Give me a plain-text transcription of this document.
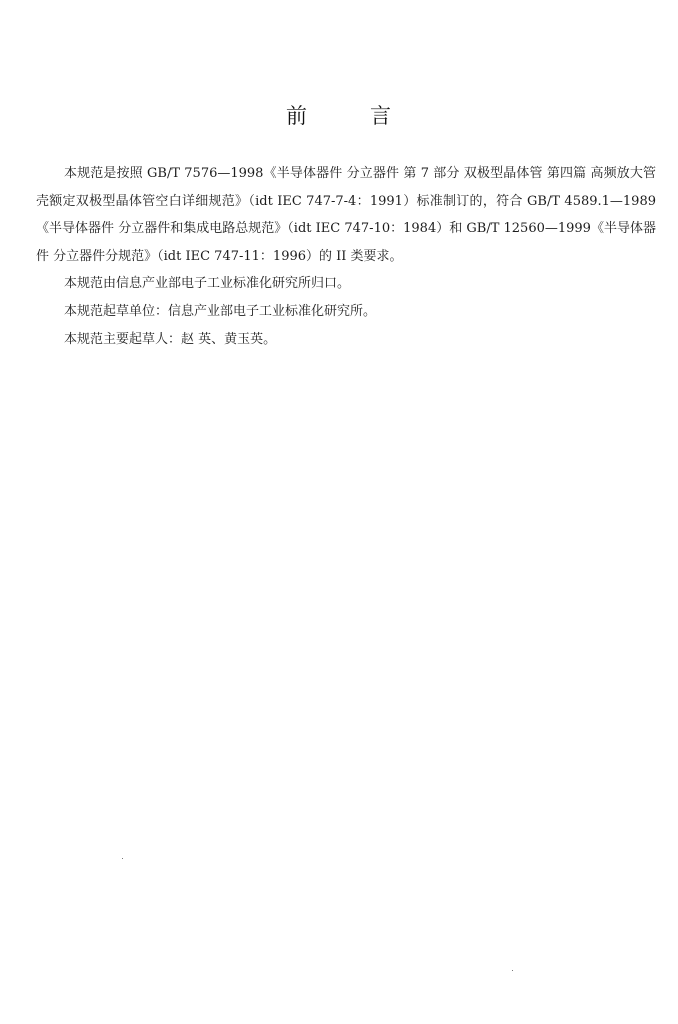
前	言

本规范是按照 GB/T 7576—1998《半导体器件 分立器件 第 7 部分 双极型晶体管 第四篇 高频放大管壳额定双极型晶体管空白详细规范》（idt IEC 747-7-4：1991）标准制订的，符合 GB/T 4589.1—1989《半导体器件 分立器件和集成电路总规范》（idt IEC 747-10：1984）和 GB/T 12560—1999《半导体器件 分立器件分规范》（idt IEC 747-11：1996）的 II 类要求。

本规范由信息产业部电子工业标准化研究所归口。

本规范起草单位：信息产业部电子工业标准化研究所。

本规范主要起草人：赵 英、黄玉英。
